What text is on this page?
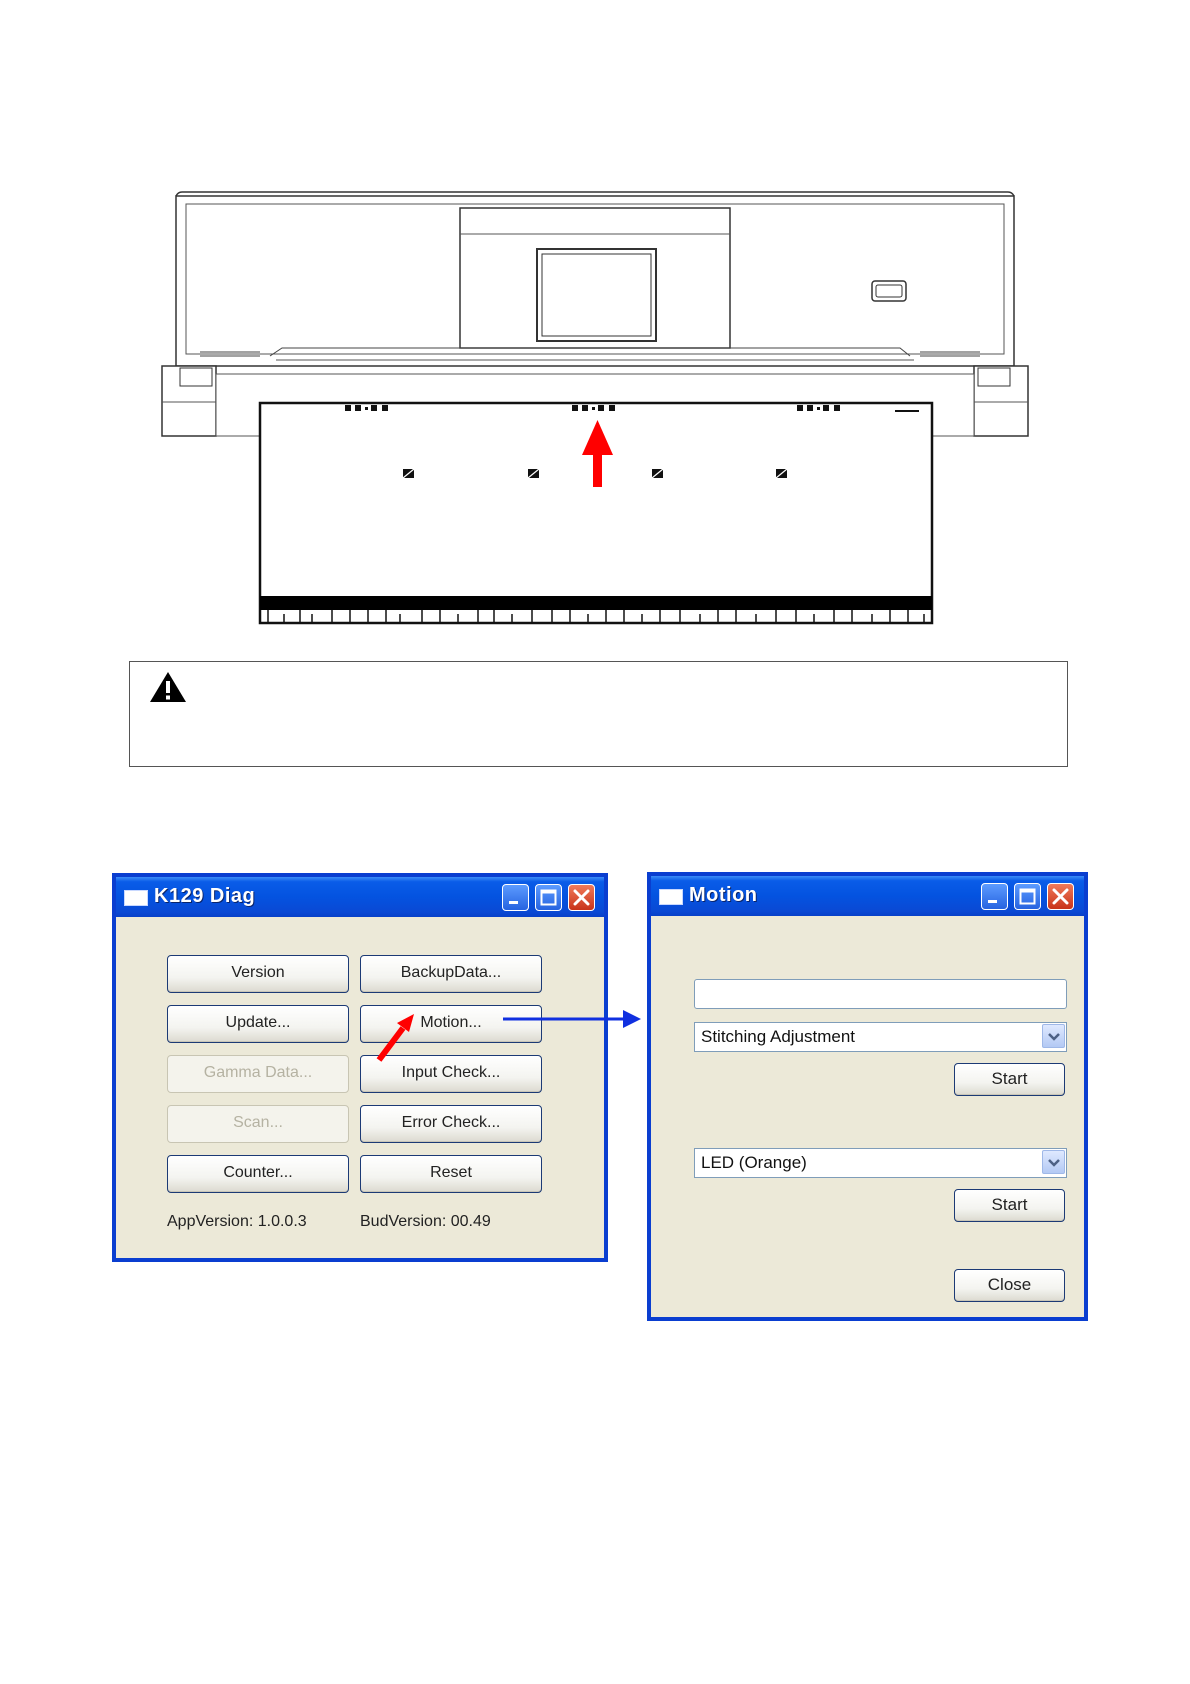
K129 Diag
Version	BackupData...
Update...	Motion...
Gamma Data...	Input Check...
Scan...	Error Check...
Counter...	Reset
AppVersion: 1.0.0.3	BudVersion: 00.49
Motion
Stitching Adjustment
Start
LED (Orange)
Start
Close
